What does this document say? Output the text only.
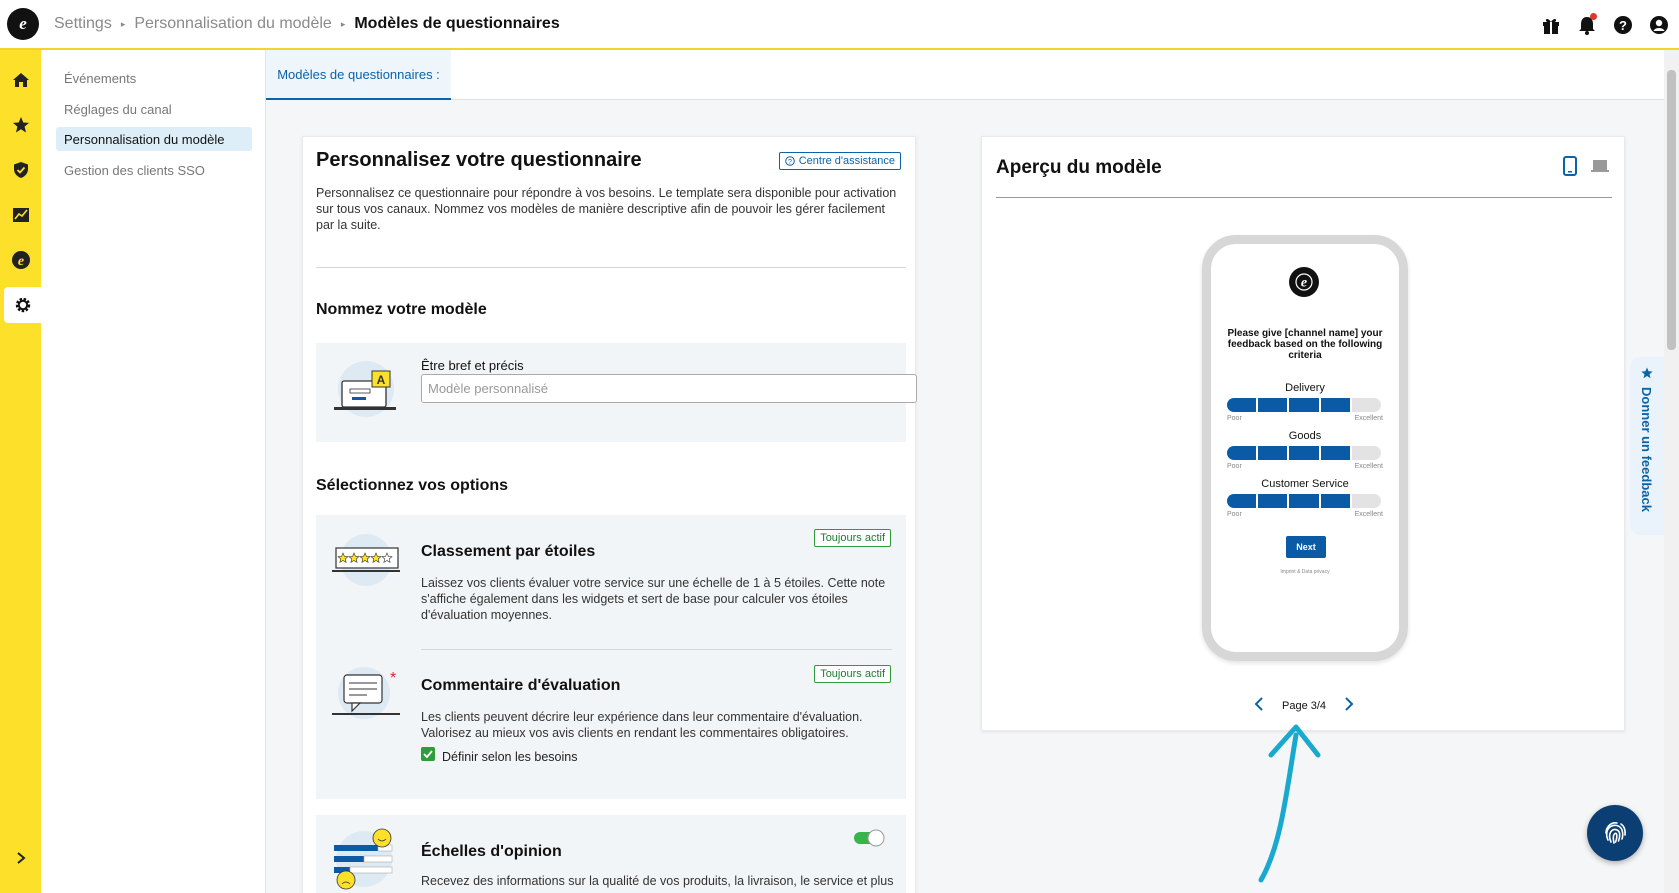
e Settings ▸ Personnalisation du modèle ▸ Modèles de questionnaires	?
e
Événements
Réglages du canal
Personnalisation du modèle
Gestion des clients SSO
Modèles de questionnaires :
Personnalisez votre questionnaire	? Centre d'assistance

Personnalisez ce questionnaire pour répondre à vos besoins. Le template sera disponible pour activation sur tous vos canaux. Nommez vos modèles de manière descriptive afin de pouvoir les gérer facilement par la suite.

Nommez votre modèle
A
Être bref et précis
Modèle personnalisé
Sélectionnez vos options
Toujours actif
Classement par étoiles

Laissez vos clients évaluer votre service sur une échelle de 1 à 5 étoiles. Cette note s'affiche également dans les widgets et sert de base pour calculer vos étoiles d'évaluation moyennes.

Toujours actif
* Commentaire d'évaluation

Les clients peuvent décrire leur expérience dans leur commentaire d'évaluation. Valorisez au mieux vos avis clients en rendant les commentaires obligatoires.

Définir selon les besoins
Échelles d'opinion

Recevez des informations sur la qualité de vos produits, la livraison, le service et plus

Aperçu du modèle
e
Please give [channel name] your feedback based on the following criteria
Delivery
Poor	Excellent
Goods
Poor	Excellent
Customer Service
Poor	Excellent
Next
Imprint & Data privacy
Page 3/4
Donner un feedback
